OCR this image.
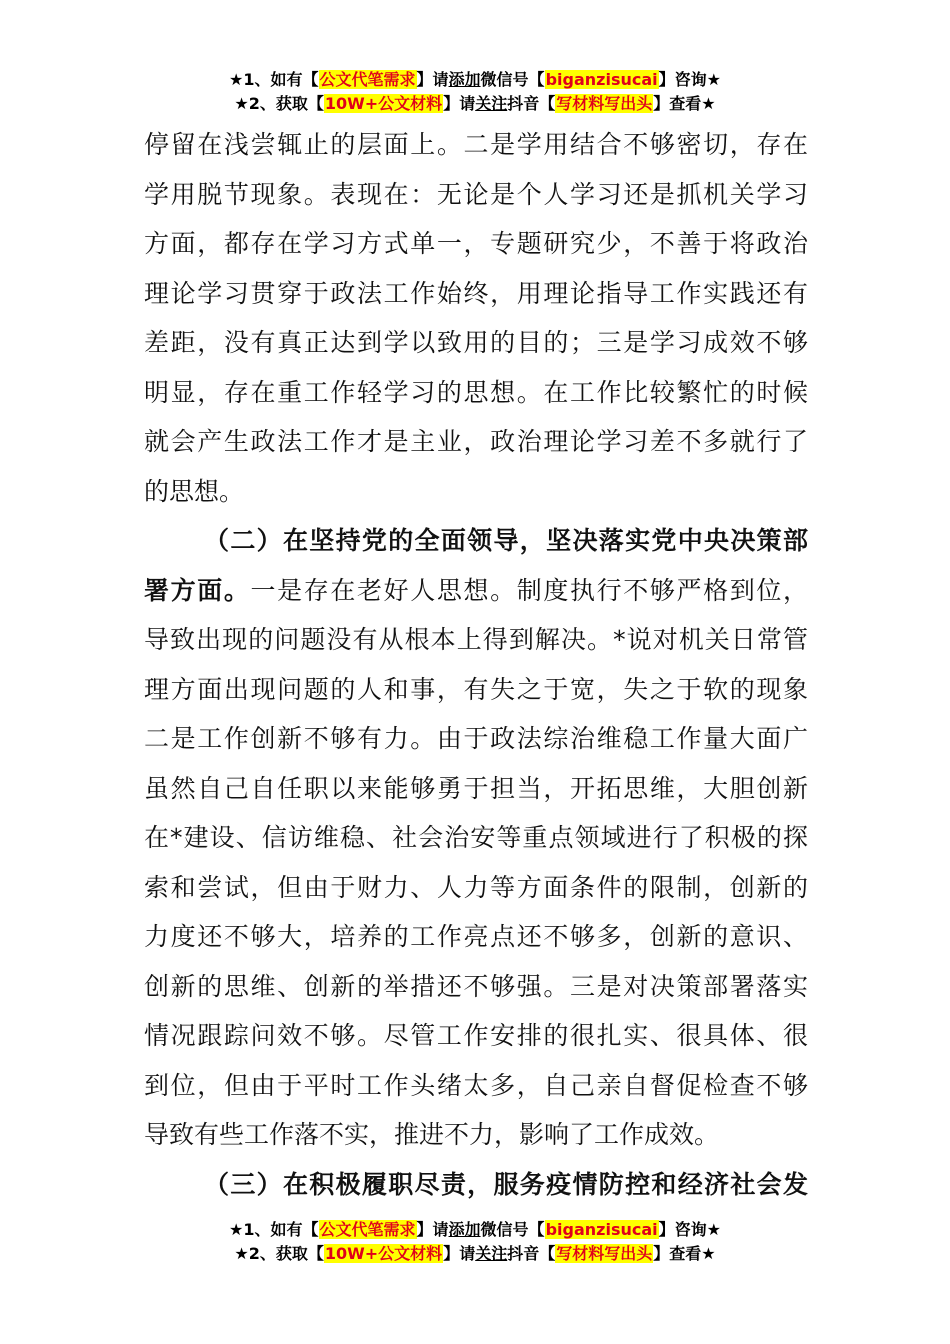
★1、如有【公文代笔需求】请添加微信号【biganzisucai】咨询★
★2、获取【10W+公文材料】请关注抖音【写材料写出头】查看★
停留在浅尝辄止的层面上。二是学用结合不够密切，存在
学用脱节现象。表现在：无论是个人学习还是抓机关学习
方面，都存在学习方式单一，专题研究少，不善于将政治
理论学习贯穿于政法工作始终，用理论指导工作实践还有
差距，没有真正达到学以致用的目的；三是学习成效不够
明显，存在重工作轻学习的思想。在工作比较繁忙的时候
就会产生政法工作才是主业，政治理论学习差不多就行了
的思想。
（二）在坚持党的全面领导，坚决落实党中央决策部
署方面。一是存在老好人思想。制度执行不够严格到位，
导致出现的问题没有从根本上得到解决。*说对机关日常管
理方面出现问题的人和事，有失之于宽，失之于软的现象
二是工作创新不够有力。由于政法综治维稳工作量大面广
虽然自己自任职以来能够勇于担当，开拓思维，大胆创新
在*建设、信访维稳、社会治安等重点领域进行了积极的探
索和尝试，但由于财力、人力等方面条件的限制，创新的
力度还不够大，培养的工作亮点还不够多，创新的意识、
创新的思维、创新的举措还不够强。三是对决策部署落实
情况跟踪问效不够。尽管工作安排的很扎实、很具体、很
到位，但由于平时工作头绪太多，自己亲自督促检查不够
导致有些工作落不实，推进不力，影响了工作成效。
（三）在积极履职尽责，服务疫情防控和经济社会发
★1、如有【公文代笔需求】请添加微信号【biganzisucai】咨询★
★2、获取【10W+公文材料】请关注抖音【写材料写出头】查看★
